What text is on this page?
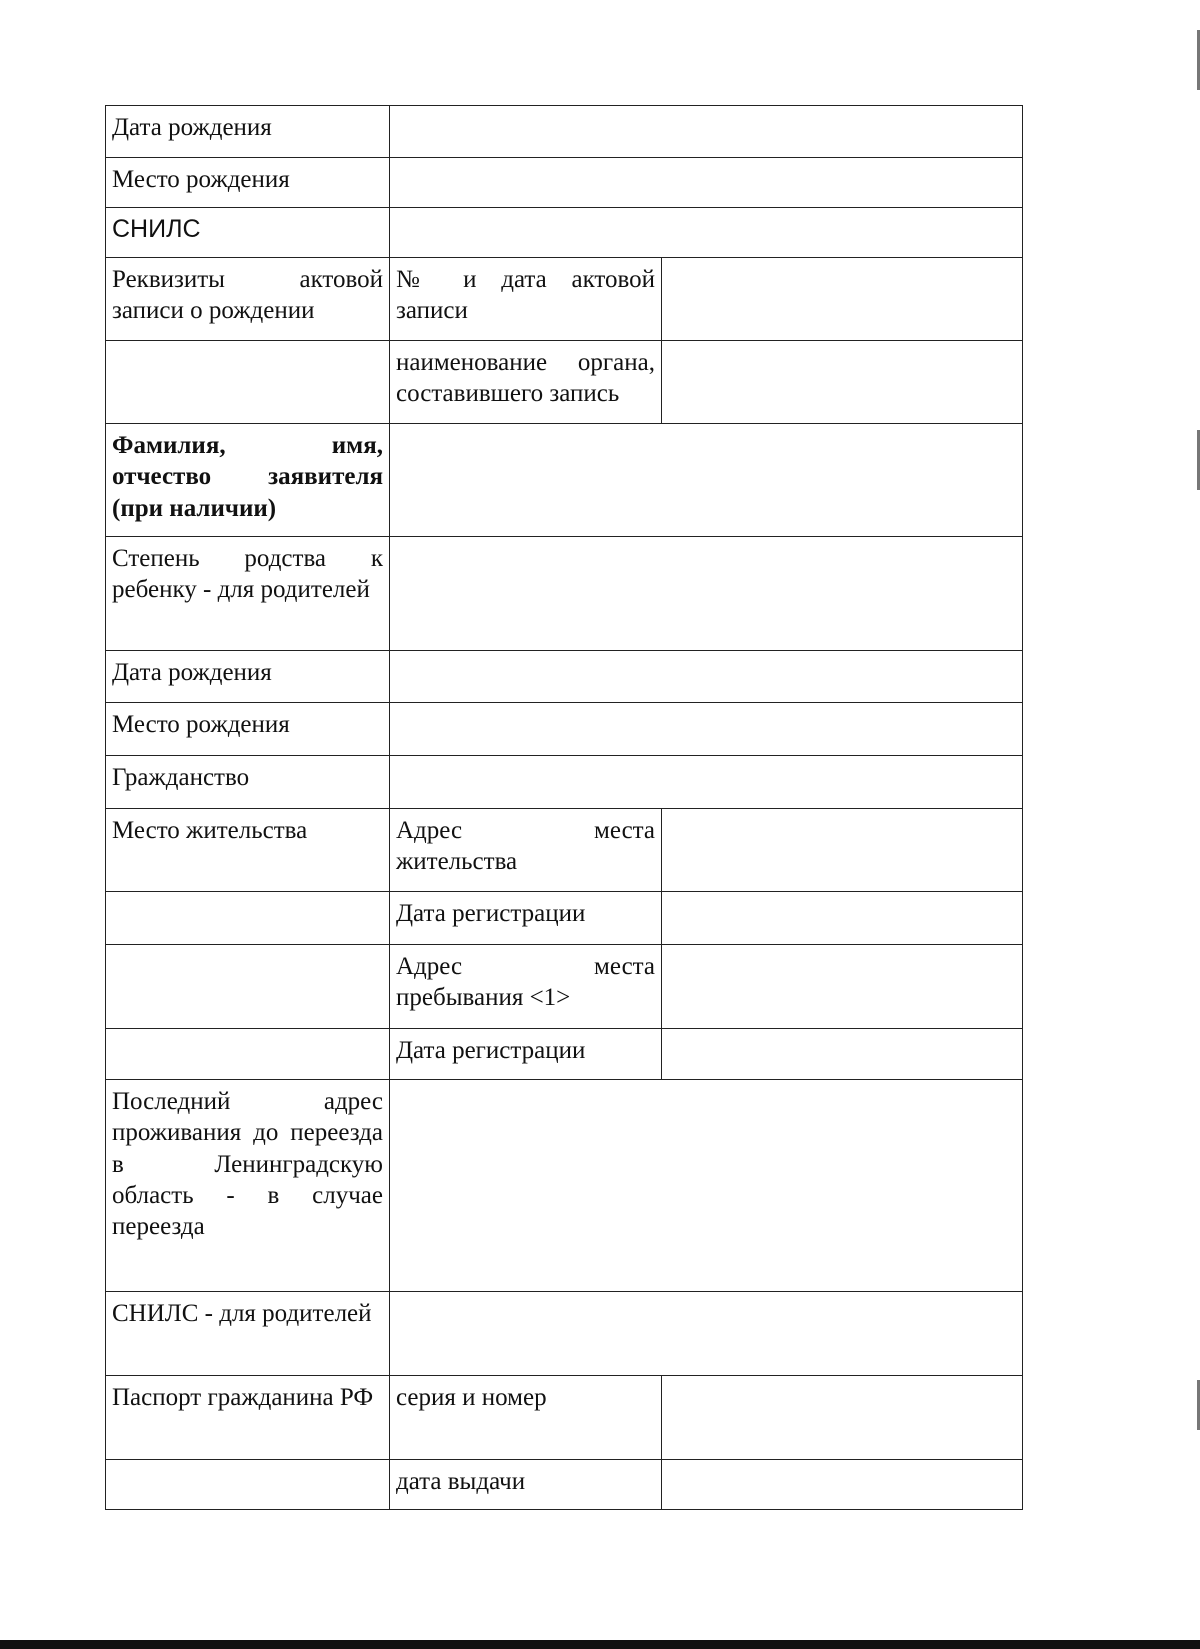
Дата рождения		
Место рождения		
СНИЛС		
Реквизиты актовой записи о рождении	№ и дата актовой записи	
	наименование органа, составившего запись	
Фамилия, имя, отчество заявителя (при наличии)		
Степень родства к ребенку - для родителей		
Дата рождения		
Место рождения		
Гражданство		
Место жительства	Адрес места жительства	
	Дата регистрации	
	Адрес места пребывания <1>	
	Дата регистрации	
Последний адрес проживания до переезда в Ленинградскую область - в случае переезда		
СНИЛС - для родителей		
Паспорт гражданина РФ	серия и номер	
	дата выдачи	
